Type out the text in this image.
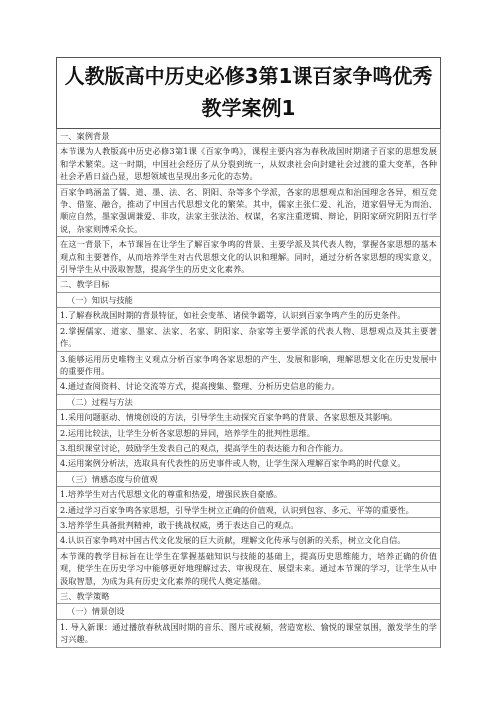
人教版高中历史必修3第1课百家争鸣优秀教学案例1
一、案例背景
本节课为人教版高中历史必修3第1课《百家争鸣》，课程主要内容为春秋战国时期诸子百家的思想发展和学术繁荣。这一时期，中国社会经历了从分裂到统一，从奴隶社会向封建社会过渡的重大变革，各种社会矛盾日益凸显，思想领域也呈现出多元化的态势。
百家争鸣涵盖了儒、道、墨、法、名、阴阳、杂等多个学派，各家的思想观点和治国理念各异，相互竞争、借鉴、融合，推动了中国古代思想文化的繁荣。其中，儒家主张仁爱、礼治，道家倡导无为而治、顺应自然，墨家强调兼爱、非攻，法家主张法治、权谋，名家注重逻辑、辩论，阴阳家研究阴阳五行学说，杂家则博采众长。
在这一背景下，本节课旨在让学生了解百家争鸣的背景、主要学派及其代表人物，掌握各家思想的基本观点和主要著作，从而培养学生对古代思想文化的认识和理解。同时，通过分析各家思想的现实意义，引导学生从中汲取智慧，提高学生的历史文化素养。
二、教学目标
（一）知识与技能
1.了解春秋战国时期的背景特征，如社会变革、诸侯争霸等，认识到百家争鸣产生的历史条件。
2.掌握儒家、道家、墨家、法家、名家、阴阳家、杂家等主要学派的代表人物、思想观点及其主要著作。
3.能够运用历史唯物主义观点分析百家争鸣各家思想的产生、发展和影响，理解思想文化在历史发展中的重要作用。
4.通过查阅资料、讨论交流等方式，提高搜集、整理、分析历史信息的能力。
（二）过程与方法
1.采用问题驱动、情境创设的方法，引导学生主动探究百家争鸣的背景、各家思想及其影响。
2.运用比较法，让学生分析各家思想的异同，培养学生的批判性思维。
3.组织课堂讨论，鼓励学生发表自己的观点，提高学生的表达能力和合作能力。
4.运用案例分析法，选取具有代表性的历史事件或人物，让学生深入理解百家争鸣的时代意义。
（三）情感态度与价值观
1.培养学生对古代思想文化的尊重和热爱，增强民族自豪感。
2.通过学习百家争鸣各家思想，引导学生树立正确的价值观，认识到包容、多元、平等的重要性。
3.培养学生具备批判精神，敢于挑战权威，勇于表达自己的观点。
4.认识百家争鸣对中国古代文化发展的巨大贡献，理解文化传承与创新的关系，树立文化自信。
本节课的教学目标旨在让学生在掌握基础知识与技能的基础上，提高历史思维能力，培养正确的价值观，使学生在历史学习中能够更好地理解过去、审视现在、展望未来。通过本节课的学习，让学生从中汲取智慧，为成为具有历史文化素养的现代人奠定基础。
三、教学策略
（一）情景创设
1. 导入新课：通过播放春秋战国时期的音乐、图片或视频，营造宽松、愉悦的课堂氛围，激发学生的学习兴趣。
